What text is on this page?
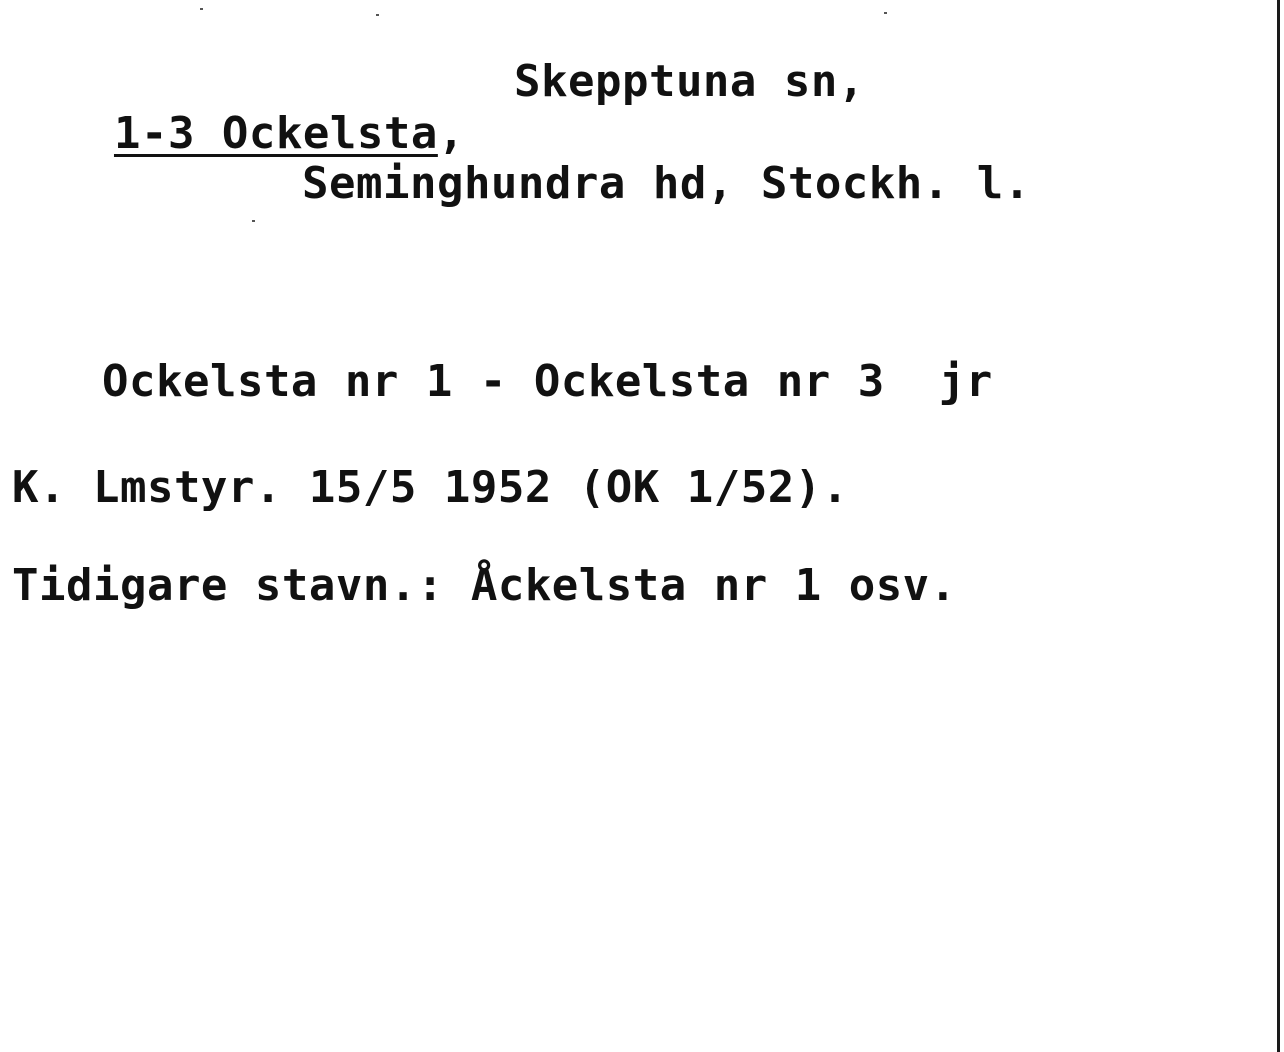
1-3 Ockelsta,

Skepptuna sn,
Seminghundra hd, Stockh. l.
Ockelsta nr 1 - Ockelsta nr 3  jr
K. Lmstyr. 15/5 1952 (OK 1/52).
Tidigare stavn.: Åckelsta nr 1 osv.
